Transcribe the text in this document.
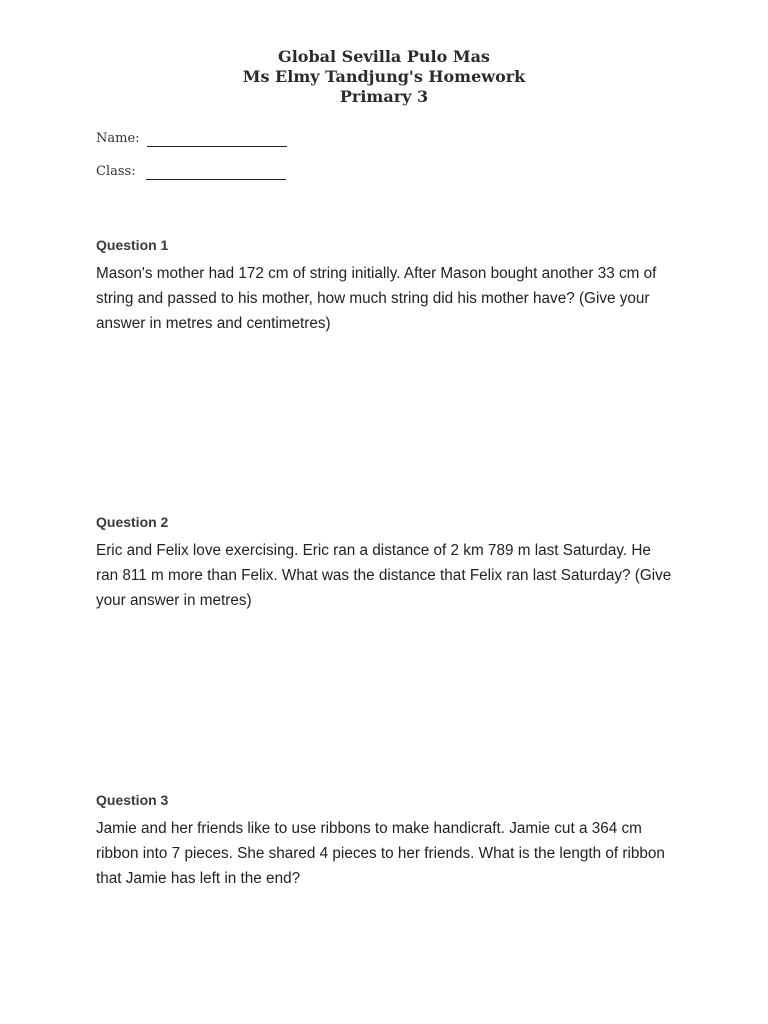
Global Sevilla Pulo Mas
Ms Elmy Tandjung's Homework
Primary 3
Name:
Class:

Question 1

Mason's mother had 172 cm of string initially. After Mason bought another 33 cm of string and passed to his mother, how much string did his mother have? (Give your answer in metres and centimetres)

Question 2

Eric and Felix love exercising. Eric ran a distance of 2 km 789 m last Saturday. He ran 811 m more than Felix. What was the distance that Felix ran last Saturday? (Give your answer in metres)

Question 3

Jamie and her friends like to use ribbons to make handicraft. Jamie cut a 364 cm ribbon into 7 pieces. She shared 4 pieces to her friends. What is the length of ribbon that Jamie has left in the end?
